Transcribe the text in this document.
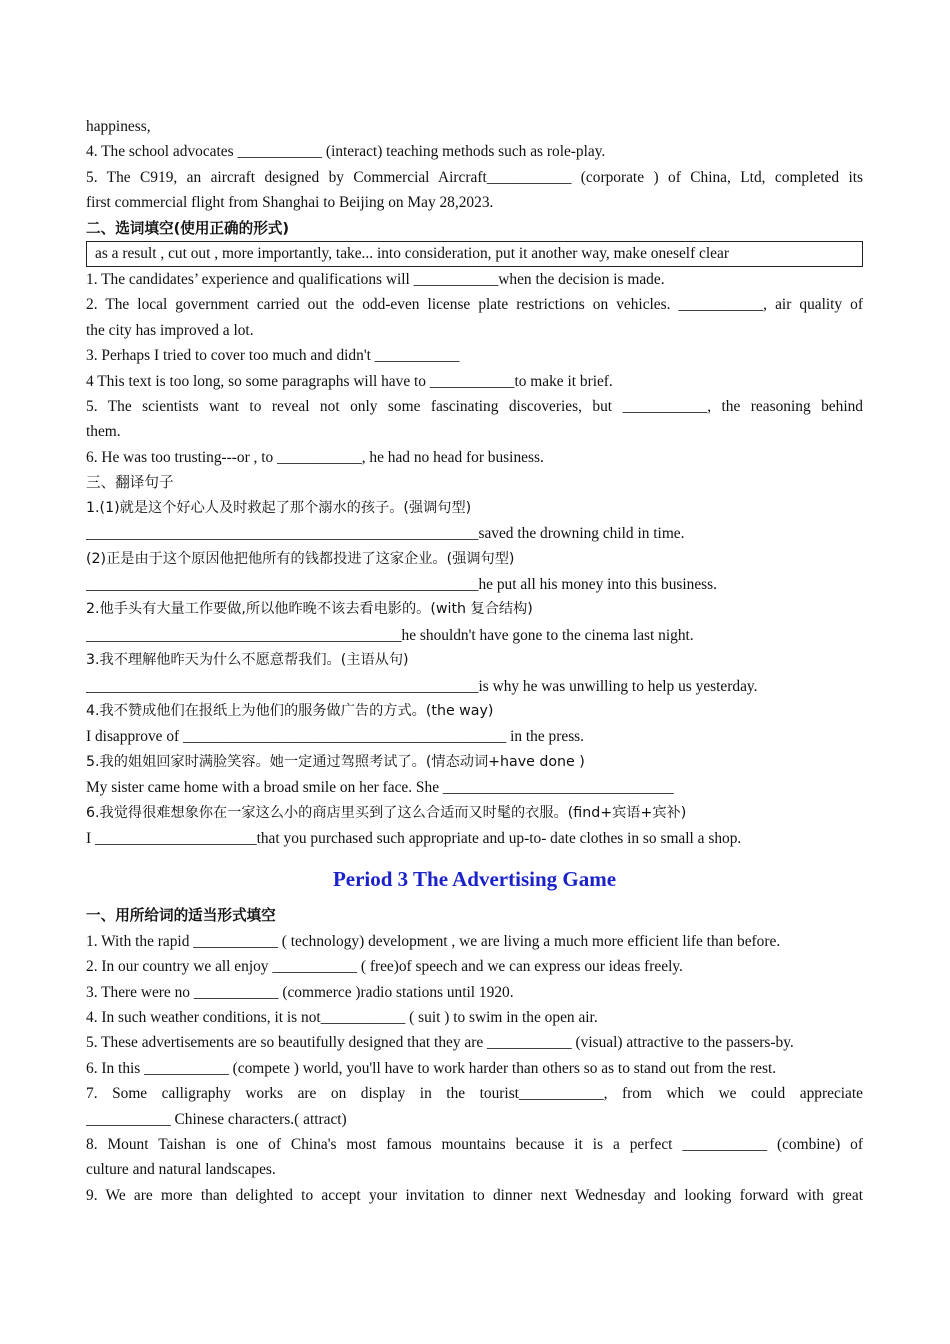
happiness,
4. The school advocates ___________ (interact) teaching methods such as role-play.
5. The C919, an aircraft designed by Commercial Aircraft___________ (corporate ) of China, Ltd, completed its
first commercial flight from Shanghai to Beijing on May 28,2023.
二、选词填空(使用正确的形式)
as a result , cut out , more importantly, take... into consideration, put it another way, make oneself clear
1. The candidates’ experience and qualifications will ___________when the decision is made.
2. The local government carried out the odd-even license plate restrictions on vehicles. ___________, air quality of
the city has improved a lot.
3. Perhaps I tried to cover too much and didn't ___________
4 This text is too long, so some paragraphs will have to ___________to make it brief.
5. The scientists want to reveal not only some fascinating discoveries, but ___________, the reasoning behind
them.
6. He was too trusting---or , to ___________, he had no head for business.
三、翻译句子
1.(1)就是这个好心人及时救起了那个溺水的孩子。(强调句型)
___________________________________________________saved the drowning child in time.
(2)正是由于这个原因他把他所有的钱都投进了这家企业。(强调句型)
___________________________________________________he put all his money into this business.
2.他手头有大量工作要做,所以他昨晚不该去看电影的。(with 复合结构)
_________________________________________he shouldn't have gone to the cinema last night.
3.我不理解他昨天为什么不愿意帮我们。(主语从句)
___________________________________________________is why he was unwilling to help us yesterday.
4.我不赞成他们在报纸上为他们的服务做广告的方式。(the way)
I disapprove of __________________________________________ in the press.
5.我的姐姐回家时满脸笑容。她一定通过驾照考试了。(情态动词+have done )
My sister came home with a broad smile on her face. She ______________________________
6.我觉得很难想象你在一家这么小的商店里买到了这么合适而又时髦的衣服。(find+宾语+宾补)
I _____________________that you purchased such appropriate and up-to- date clothes in so small a shop.
Period 3 The Advertising Game
一、用所给词的适当形式填空
1. With the rapid ___________ ( technology) development , we are living a much more efficient life than before.
2. In our country we all enjoy ___________ ( free)of speech and we can express our ideas freely.
3. There were no ___________ (commerce )radio stations until 1920.
4. In such weather conditions, it is not___________ ( suit ) to swim in the open air.
5. These advertisements are so beautifully designed that they are ___________ (visual) attractive to the passers-by.
6. In this ___________ (compete ) world, you'll have to work harder than others so as to stand out from the rest.
7. Some calligraphy works are on display in the tourist___________, from which we could appreciate
___________ Chinese characters.( attract)
8. Mount Taishan is one of China's most famous mountains because it is a perfect ___________ (combine) of
culture and natural landscapes.
9. We are more than delighted to accept your invitation to dinner next Wednesday and looking forward with great
